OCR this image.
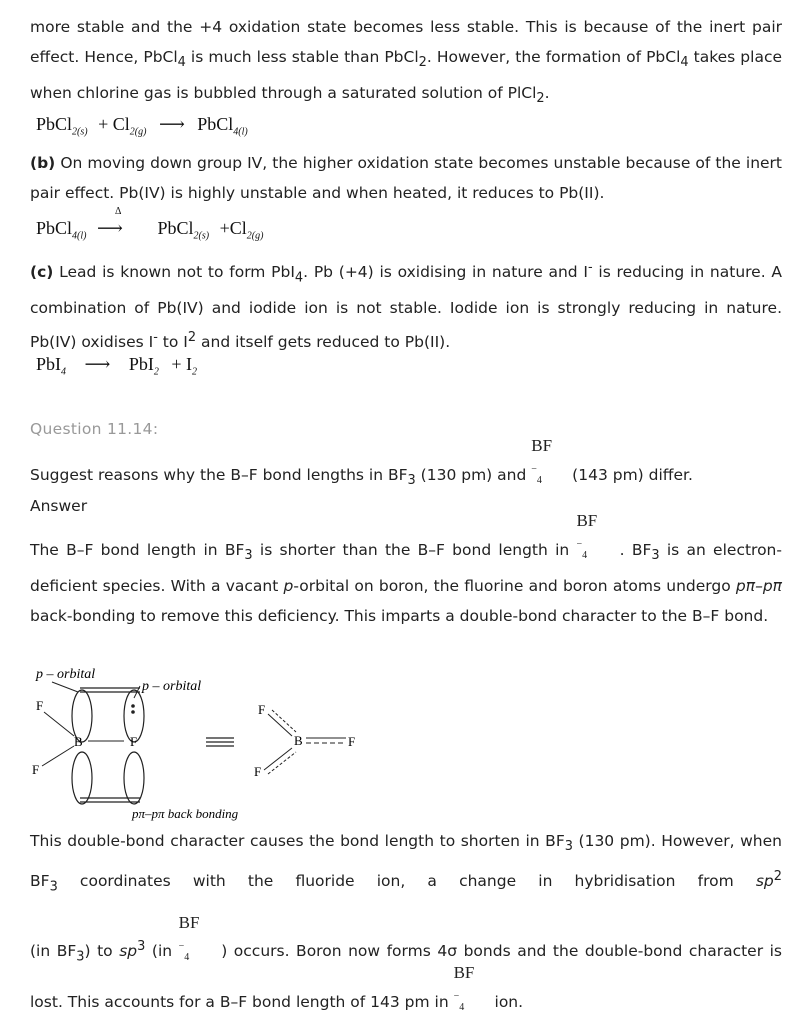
more stable and the +4 oxidation state becomes less stable. This is because of the inert pair effect. Hence, PbCl$_4$ is much less stable than PbCl$_2$. However, the formation of PbCl$_4$ takes place when chlorine gas is bubbled through a saturated solution of PlCl$_2$.
PbCl$_{2(s)}$ + $Cl_{2(g)}$ ⟶ PbCl$_{4(l)}$
(b) On moving down group IV, the higher oxidation state becomes unstable because of the inert pair effect. Pb(IV) is highly unstable and when heated, it reduces to Pb(II).
PbCl$_{4(l)}$
Δ
⟶ PbCl$_{2(s)}$ $+Cl_{2(g)}$
(c) Lead is known not to form PbI$_4$. Pb (+4) is oxidising in nature and I- is reducing in nature. A combination of Pb(IV) and iodide ion is not stable. Iodide ion is strongly reducing in nature. Pb(IV) oxidises I- to $I^2$ and itself gets reduced to Pb(II).
PbI$_4$ ⟶ $PbI_2 + I_2$
Question 11.14:
Suggest reasons why the B–F bond lengths in $BF_3$ (130 pm) and
BF
−$_4$ (143 pm) differ.
Answer
The B–F bond length in $BF_3$ is shorter than the B–F bond length in
BF
−$_4$ . $BF_3$ is an electron-deficient species. With a vacant p-orbital on boron, the fluorine and boron atoms undergo pπ–pπ back-bonding to remove this deficiency. This imparts a double-bond character to the B–F bond.
p – orbital
p – orbital
B	F
F
F
F
B	F
F
pπ–pπ back bonding
This double-bond character causes the bond length to shorten in $BF_3$ (130 pm). However, when $BF_3$ coordinates with the fluoride ion, a change in hybridisation from $sp^2$ (in $BF_3$) to $sp^3$ (in
BF
−$_4$ ) occurs. Boron now forms 4σ bonds and the double-bond character is lost. This accounts for a B–F bond length of 143 pm in
BF
−$_4$ ion.
